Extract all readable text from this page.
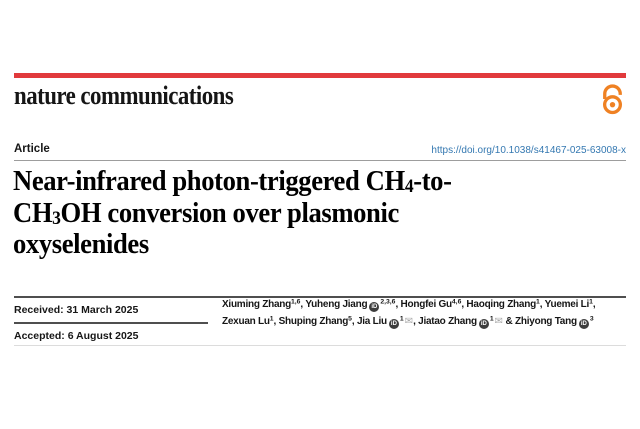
nature communications
Article	https://doi.org/10.1038/s41467-025-63008-x
Near-infrared photon-triggered $CH_4-to-$
$CH_3OH$ conversion over plasmonic
oxyselenides
Received: 31 March 2025
Accepted: 6 August 2025
Xiuming Zhang$^{1,6}$, Yuheng Jiang iD
$^{2,3,6}$, Hongfei Gu$^{4,6}$, Haoqing Zhang$^1$, Yuemei Li$^1$,
Zexuan Lu$^1$, Shuping Zhang$^5$, Jia Liu iD
$^1$✉, Jiatao Zhang iD
$^1$✉ & Zhiyong Tang iD
$^3$
